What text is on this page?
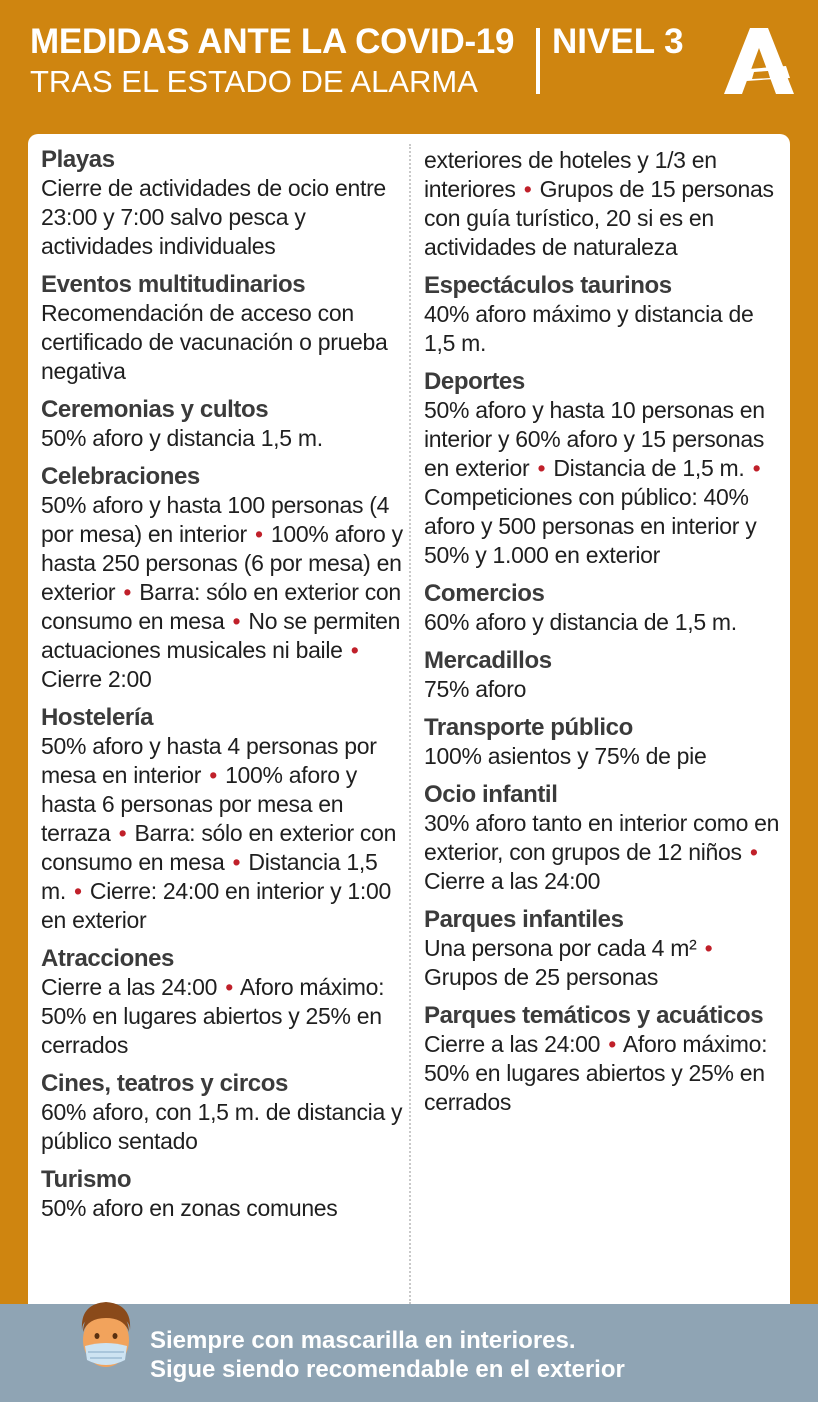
MEDIDAS ANTE LA COVID-19
TRAS EL ESTADO DE ALARMA
NIVEL 3
Playas
Cierre de actividades de ocio entre 23:00 y 7:00 salvo pesca y actividades individuales
Eventos multitudinarios
Recomendación de acceso con certificado de vacunación o prueba negativa
Ceremonias y cultos
50% aforo y distancia 1,5 m.
Celebraciones
50% aforo y hasta 100 personas (4 por mesa) en interior • 100% aforo y hasta 250 personas (6 por mesa) en exterior • Barra: sólo en exterior con consumo en mesa • No se permiten actuaciones musicales ni baile • Cierre 2:00
Hostelería
50% aforo y hasta 4 personas por mesa en interior • 100% aforo y hasta 6 personas por mesa en terraza • Barra: sólo en exterior con consumo en mesa • Distancia 1,5 m. • Cierre: 24:00 en interior y 1:00 en exterior
Atracciones
Cierre a las 24:00 • Aforo máximo: 50% en lugares abiertos y 25% en cerrados
Cines, teatros y circos
60% aforo, con 1,5 m. de distancia y público sentado
Turismo
50% aforo en zonas comunes
exteriores de hoteles y 1/3 en interiores • Grupos de 15 personas con guía turístico, 20 si es en actividades de naturaleza
Espectáculos taurinos
40% aforo máximo y distancia de 1,5 m.
Deportes
50% aforo y hasta 10 personas en interior y 60% aforo y 15 personas en exterior • Distancia de 1,5 m. • Competiciones con público: 40% aforo y 500 personas en interior y 50% y 1.000 en exterior
Comercios
60% aforo y distancia de 1,5 m.
Mercadillos
75% aforo
Transporte público
100% asientos y 75% de pie
Ocio infantil
30% aforo tanto en interior como en exterior, con grupos de 12 niños • Cierre a las 24:00
Parques infantiles
Una persona por cada 4 m² • Grupos de 25 personas
Parques temáticos y acuáticos
Cierre a las 24:00 • Aforo máximo: 50% en lugares abiertos y 25% en cerrados
Siempre con mascarilla en interiores.
Sigue siendo recomendable en el exterior
